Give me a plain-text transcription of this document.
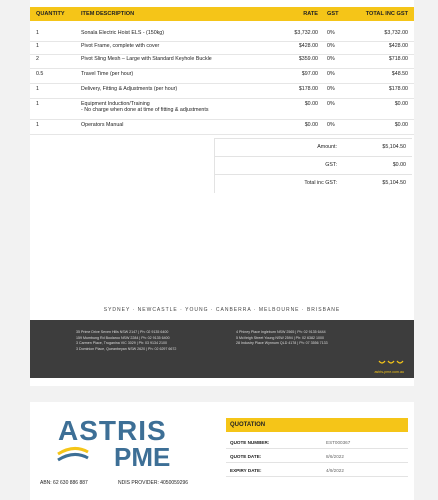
QUANTITY	ITEM DESCRIPTION	RATE GST	TOTAL INC GST
1	Sonala Electric Hoist ELS - (150kg)	$3,732.00 0%	$3,732.00
1	Pivot Frame, complete with cover	$428.00 0%	$428.00
2	Pivot Sling Mesh – Large with Standard Keyhole Buckle	$359.00 0%	$718.00
0.5	Travel Time (per hour)	$97.00 0%	$48.50
1	Delivery, Fitting & Adjustments (per hour)	$178.00 0%	$178.00
1	Equipment Induction/Training	$0.00 0%	$0.00
- No charge when done at time of fitting & adjustments
1	Operators Manual	$0.00 0%	$0.00
Amount:	$5,104.50
GST:	$0.00
Total inc GST:	$5,104.50
SYDNEY · NEWCASTLE · YOUNG · CANBERRA · MELBOURNE · BRISBANE
35 Prime Drive Seven Hills NSW 2147 | Ph: 02 9135 6400
159 Mumbung Rd Boolaroo NSW 2284 | Ph: 02 9135 6400
3 Carmen Place, Truganina VIC 3029 | Ph: 03 9134 2100
3 Dominion Place, Queanbeyan NSW 2620 | Ph: 02 6297 6672
4 Phiney Place Ingleburn NSW 2565 | Ph: 02 9135 6444
5 McVeigh Street Young NSW 2594 | Ph: 02 6382 1000
28 Industry Place Wynnum QLD 4178 | Ph: 07 3556 7133
astris-pme.com.au
ASTRIS
PME
ABN: 62 630 886 887	NDIS PROVIDER: 4050059296
QUOTATION
QUOTE NUMBER:	EST000367
QUOTE DATE:	8/6/2022
EXPIRY DATE:	4/9/2022
